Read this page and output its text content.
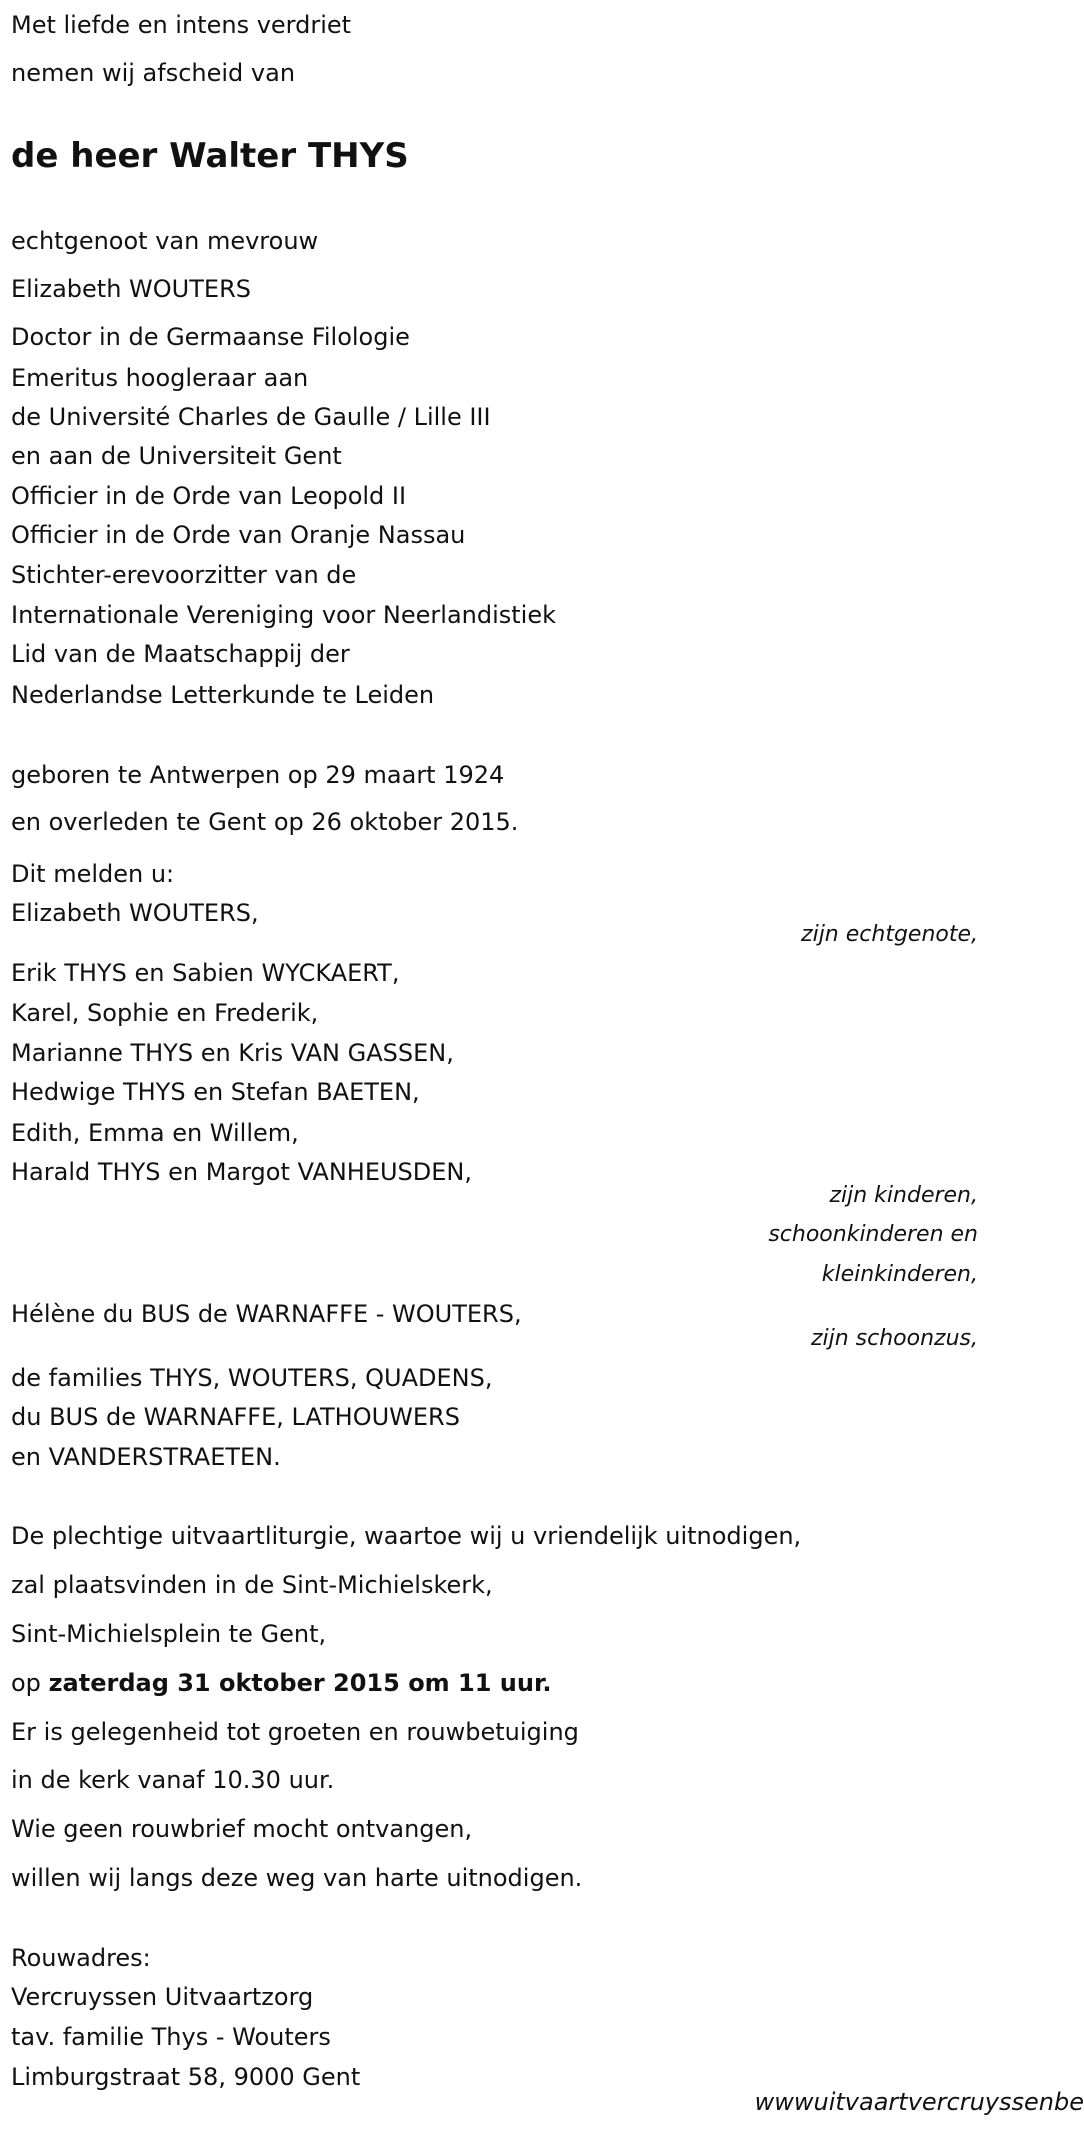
Met liefde en intens verdriet
nemen wij afscheid van
de heer Walter THYS
echtgenoot van mevrouw
Elizabeth WOUTERS
Doctor in de Germaanse Filologie
Emeritus hoogleraar aan
de Université Charles de Gaulle / Lille III
en aan de Universiteit Gent
Officier in de Orde van Leopold II
Officier in de Orde van Oranje Nassau
Stichter-erevoorzitter van de
Internationale Vereniging voor Neerlandistiek
Lid van de Maatschappij der
Nederlandse Letterkunde te Leiden
geboren te Antwerpen op 29 maart 1924
en overleden te Gent op 26 oktober 2015.
Dit melden u:
Elizabeth WOUTERS,
zijn echtgenote,
Erik THYS en Sabien WYCKAERT,
Karel, Sophie en Frederik,
Marianne THYS en Kris VAN GASSEN,
Hedwige THYS en Stefan BAETEN,
Edith, Emma en Willem,
Harald THYS en Margot VANHEUSDEN,
zijn kinderen,
schoonkinderen en
kleinkinderen,
Hélène du BUS de WARNAFFE - WOUTERS,
zijn schoonzus,
de families THYS, WOUTERS, QUADENS,
du BUS de WARNAFFE, LATHOUWERS
en VANDERSTRAETEN.
De plechtige uitvaartliturgie, waartoe wij u vriendelijk uitnodigen,
zal plaatsvinden in de Sint-Michielskerk,
Sint-Michielsplein te Gent,
op zaterdag 31 oktober 2015 om 11 uur.
Er is gelegenheid tot groeten en rouwbetuiging
in de kerk vanaf 10.30 uur.
Wie geen rouwbrief mocht ontvangen,
willen wij langs deze weg van harte uitnodigen.
Rouwadres:
Vercruyssen Uitvaartzorg
tav. familie Thys - Wouters
Limburgstraat 58, 9000 Gent
wwwuitvaartvercruyssenbe
